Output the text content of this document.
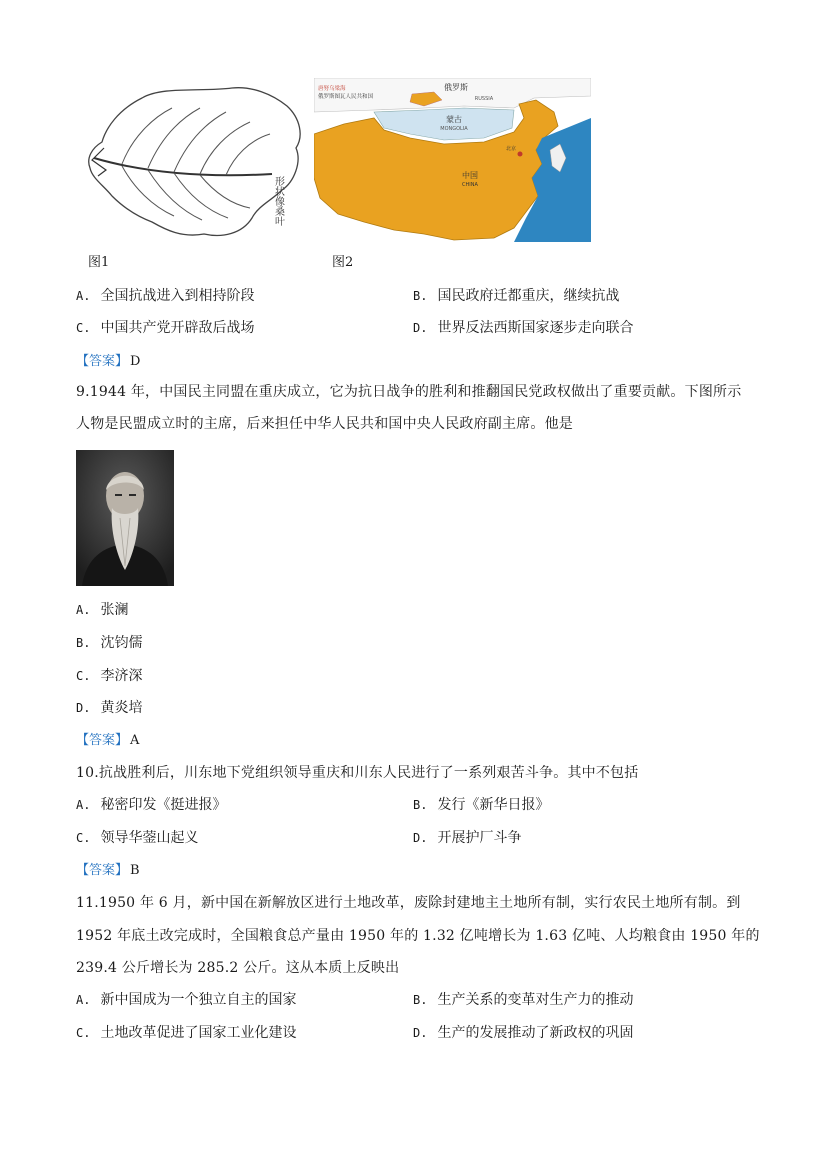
形状像桑叶
图1
俄罗斯
RUSSIA
唐努乌梁海
俄罗斯图瓦人民共和国
蒙古
MONGOLIA
中国
CHINA
北京
图2
A. 全国抗战进入到相持阶段	B. 国民政府迁都重庆，继续抗战
C. 中国共产党开辟敌后战场	D. 世界反法西斯国家逐步走向联合
【答案】 D
9.1944 年，中国民主同盟在重庆成立，它为抗日战争的胜利和推翻国民党政权做出了重要贡献。下图所示
人物是民盟成立时的主席，后来担任中华人民共和国中央人民政府副主席。他是
A. 张澜
B. 沈钧儒
C. 李济深
D. 黄炎培
【答案】 A
10.抗战胜利后，川东地下党组织领导重庆和川东人民进行了一系列艰苦斗争。其中不包括
A. 秘密印发《挺进报》	B. 发行《新华日报》
C. 领导华蓥山起义	D. 开展护厂斗争
【答案】 B
11.1950 年 6 月，新中国在新解放区进行土地改革，废除封建地主土地所有制，实行农民土地所有制。到
1952 年底土改完成时，全国粮食总产量由 1950 年的 1.32 亿吨增长为 1.63 亿吨、人均粮食由 1950 年的
239.4 公斤增长为 285.2 公斤。这从本质上反映出
A. 新中国成为一个独立自主的国家	B. 生产关系的变革对生产力的推动
C. 土地改革促进了国家工业化建设	D. 生产的发展推动了新政权的巩固
